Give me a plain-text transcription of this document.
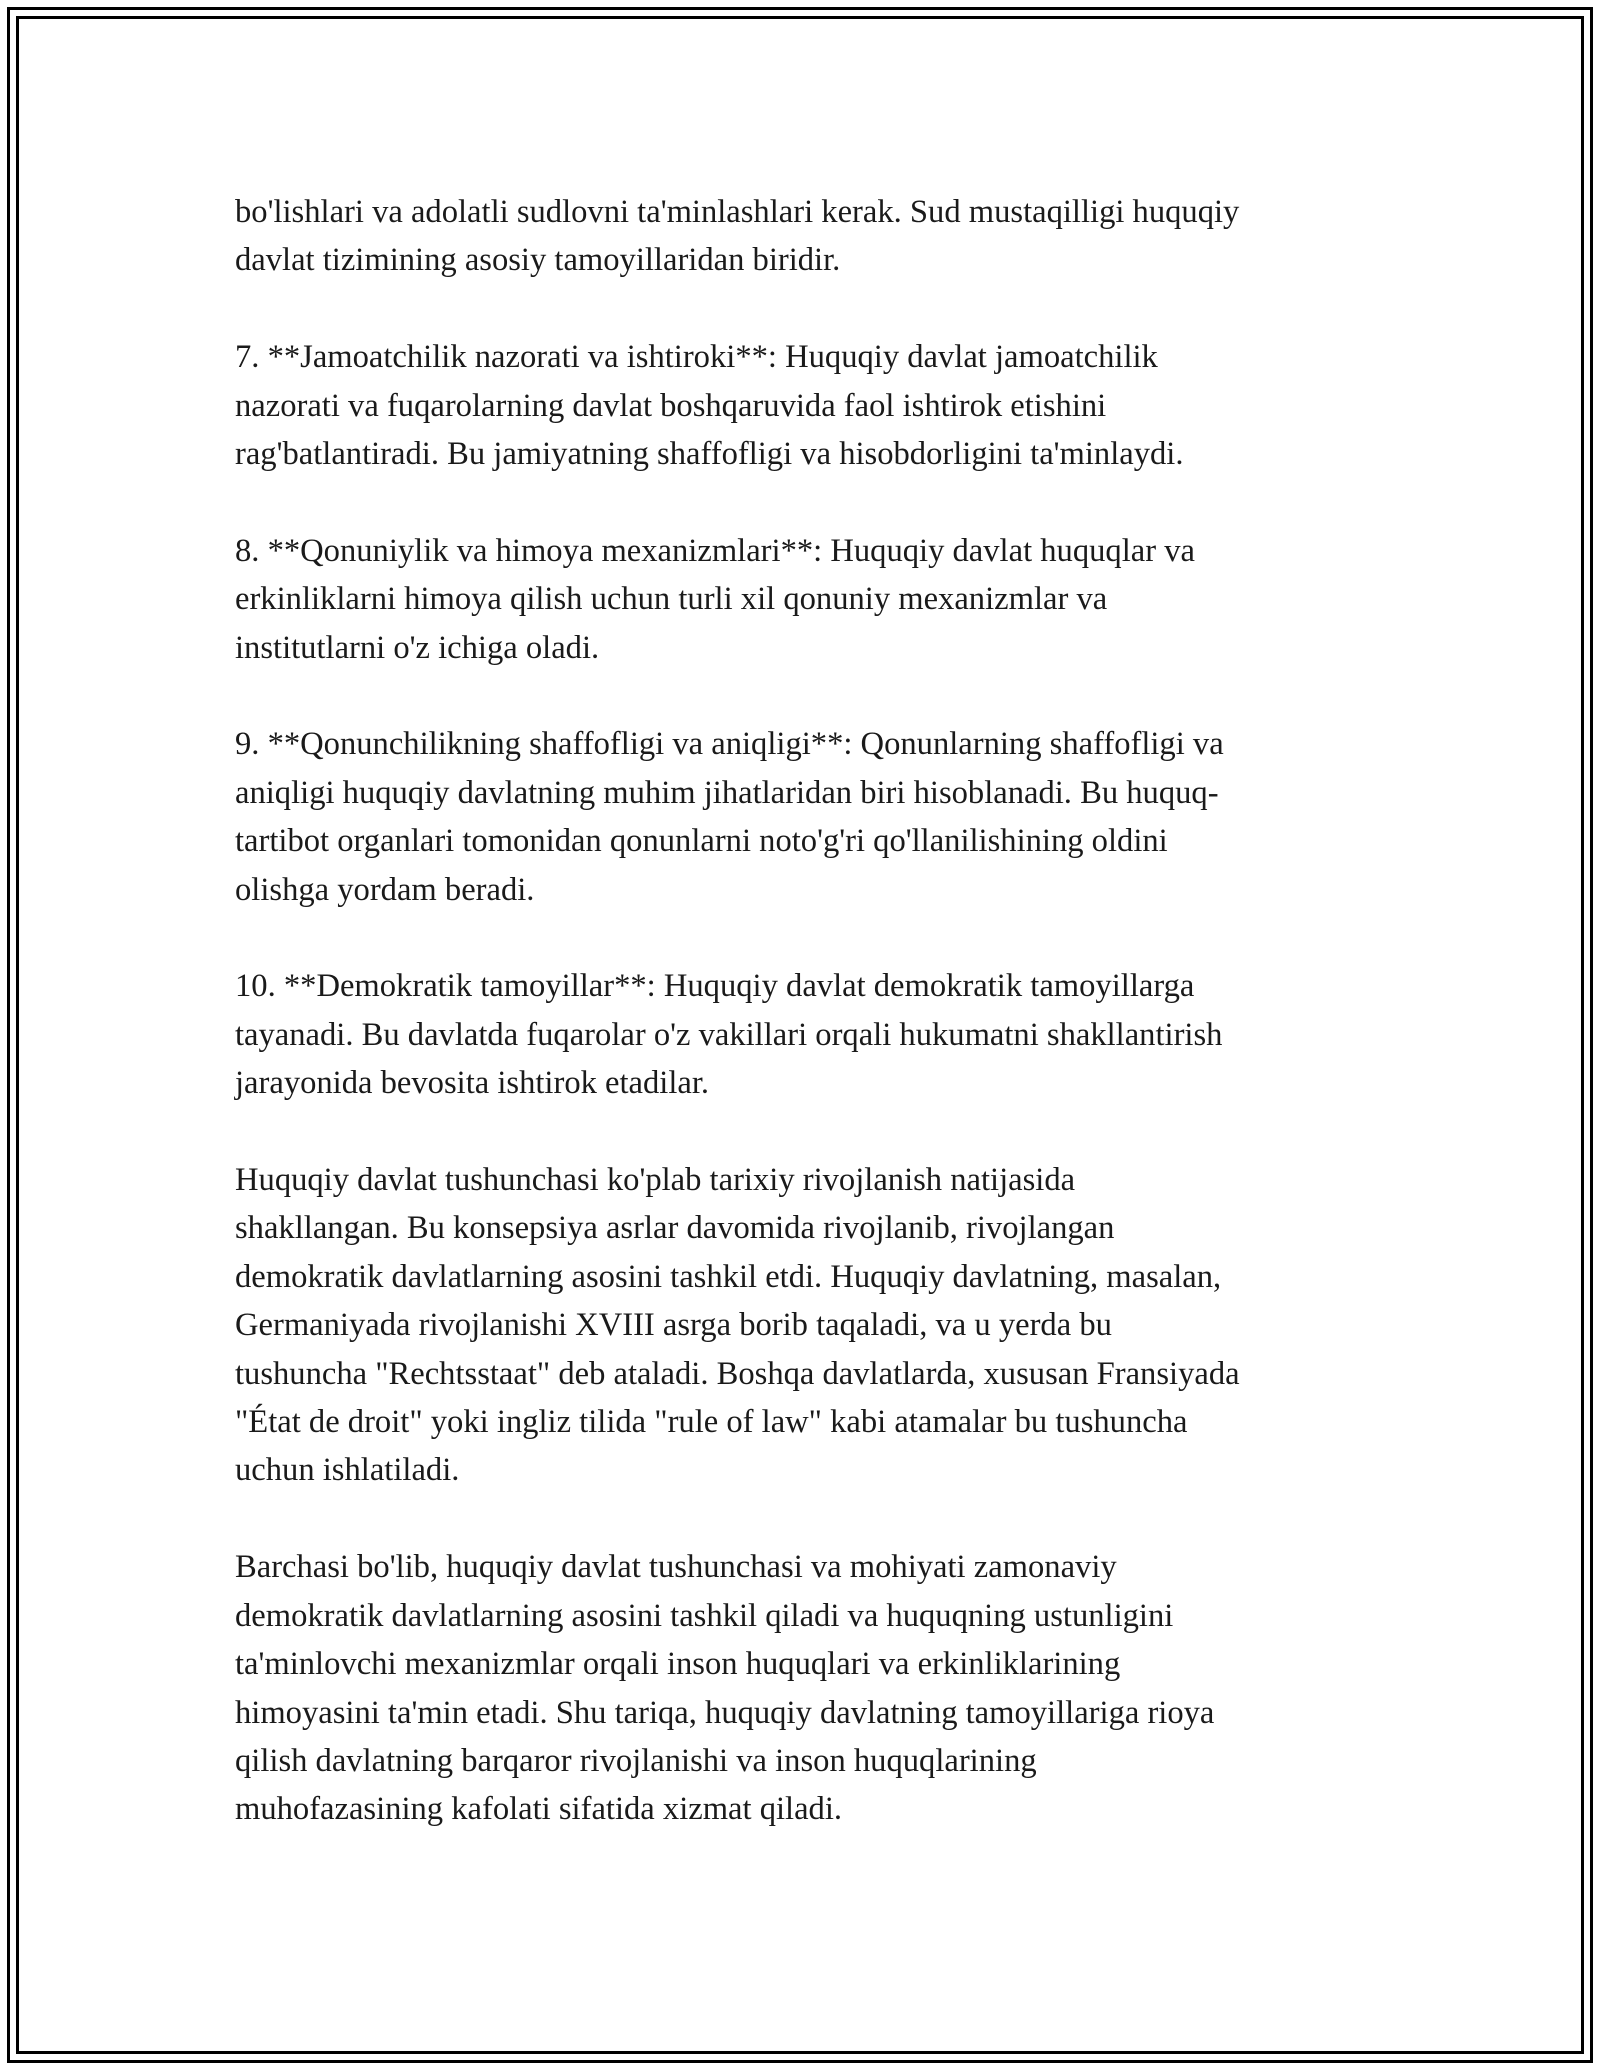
bo'lishlari va adolatli sudlovni ta'minlashlari kerak. Sud mustaqilligi huquqiy
davlat tizimining asosiy tamoyillaridan biridir.

7. **Jamoatchilik nazorati va ishtiroki**: Huquqiy davlat jamoatchilik
nazorati va fuqarolarning davlat boshqaruvida faol ishtirok etishini
rag'batlantiradi. Bu jamiyatning shaffofligi va hisobdorligini ta'minlaydi.

8. **Qonuniylik va himoya mexanizmlari**: Huquqiy davlat huquqlar va
erkinliklarni himoya qilish uchun turli xil qonuniy mexanizmlar va
institutlarni o'z ichiga oladi.

9. **Qonunchilikning shaffofligi va aniqligi**: Qonunlarning shaffofligi va
aniqligi huquqiy davlatning muhim jihatlaridan biri hisoblanadi. Bu huquq-
tartibot organlari tomonidan qonunlarni noto'g'ri qo'llanilishining oldini
olishga yordam beradi.

10. **Demokratik tamoyillar**: Huquqiy davlat demokratik tamoyillarga
tayanadi. Bu davlatda fuqarolar o'z vakillari orqali hukumatni shakllantirish
jarayonida bevosita ishtirok etadilar.

Huquqiy davlat tushunchasi ko'plab tarixiy rivojlanish natijasida
shakllangan. Bu konsepsiya asrlar davomida rivojlanib, rivojlangan
demokratik davlatlarning asosini tashkil etdi. Huquqiy davlatning, masalan,
Germaniyada rivojlanishi XVIII asrga borib taqaladi, va u yerda bu
tushuncha "Rechtsstaat" deb ataladi. Boshqa davlatlarda, xususan Fransiyada
"État de droit" yoki ingliz tilida "rule of law" kabi atamalar bu tushuncha
uchun ishlatiladi.

Barchasi bo'lib, huquqiy davlat tushunchasi va mohiyati zamonaviy
demokratik davlatlarning asosini tashkil qiladi va huquqning ustunligini
ta'minlovchi mexanizmlar orqali inson huquqlari va erkinliklarining
himoyasini ta'min etadi. Shu tariqa, huquqiy davlatning tamoyillariga rioya
qilish davlatning barqaror rivojlanishi va inson huquqlarining
muhofazasining kafolati sifatida xizmat qiladi.
